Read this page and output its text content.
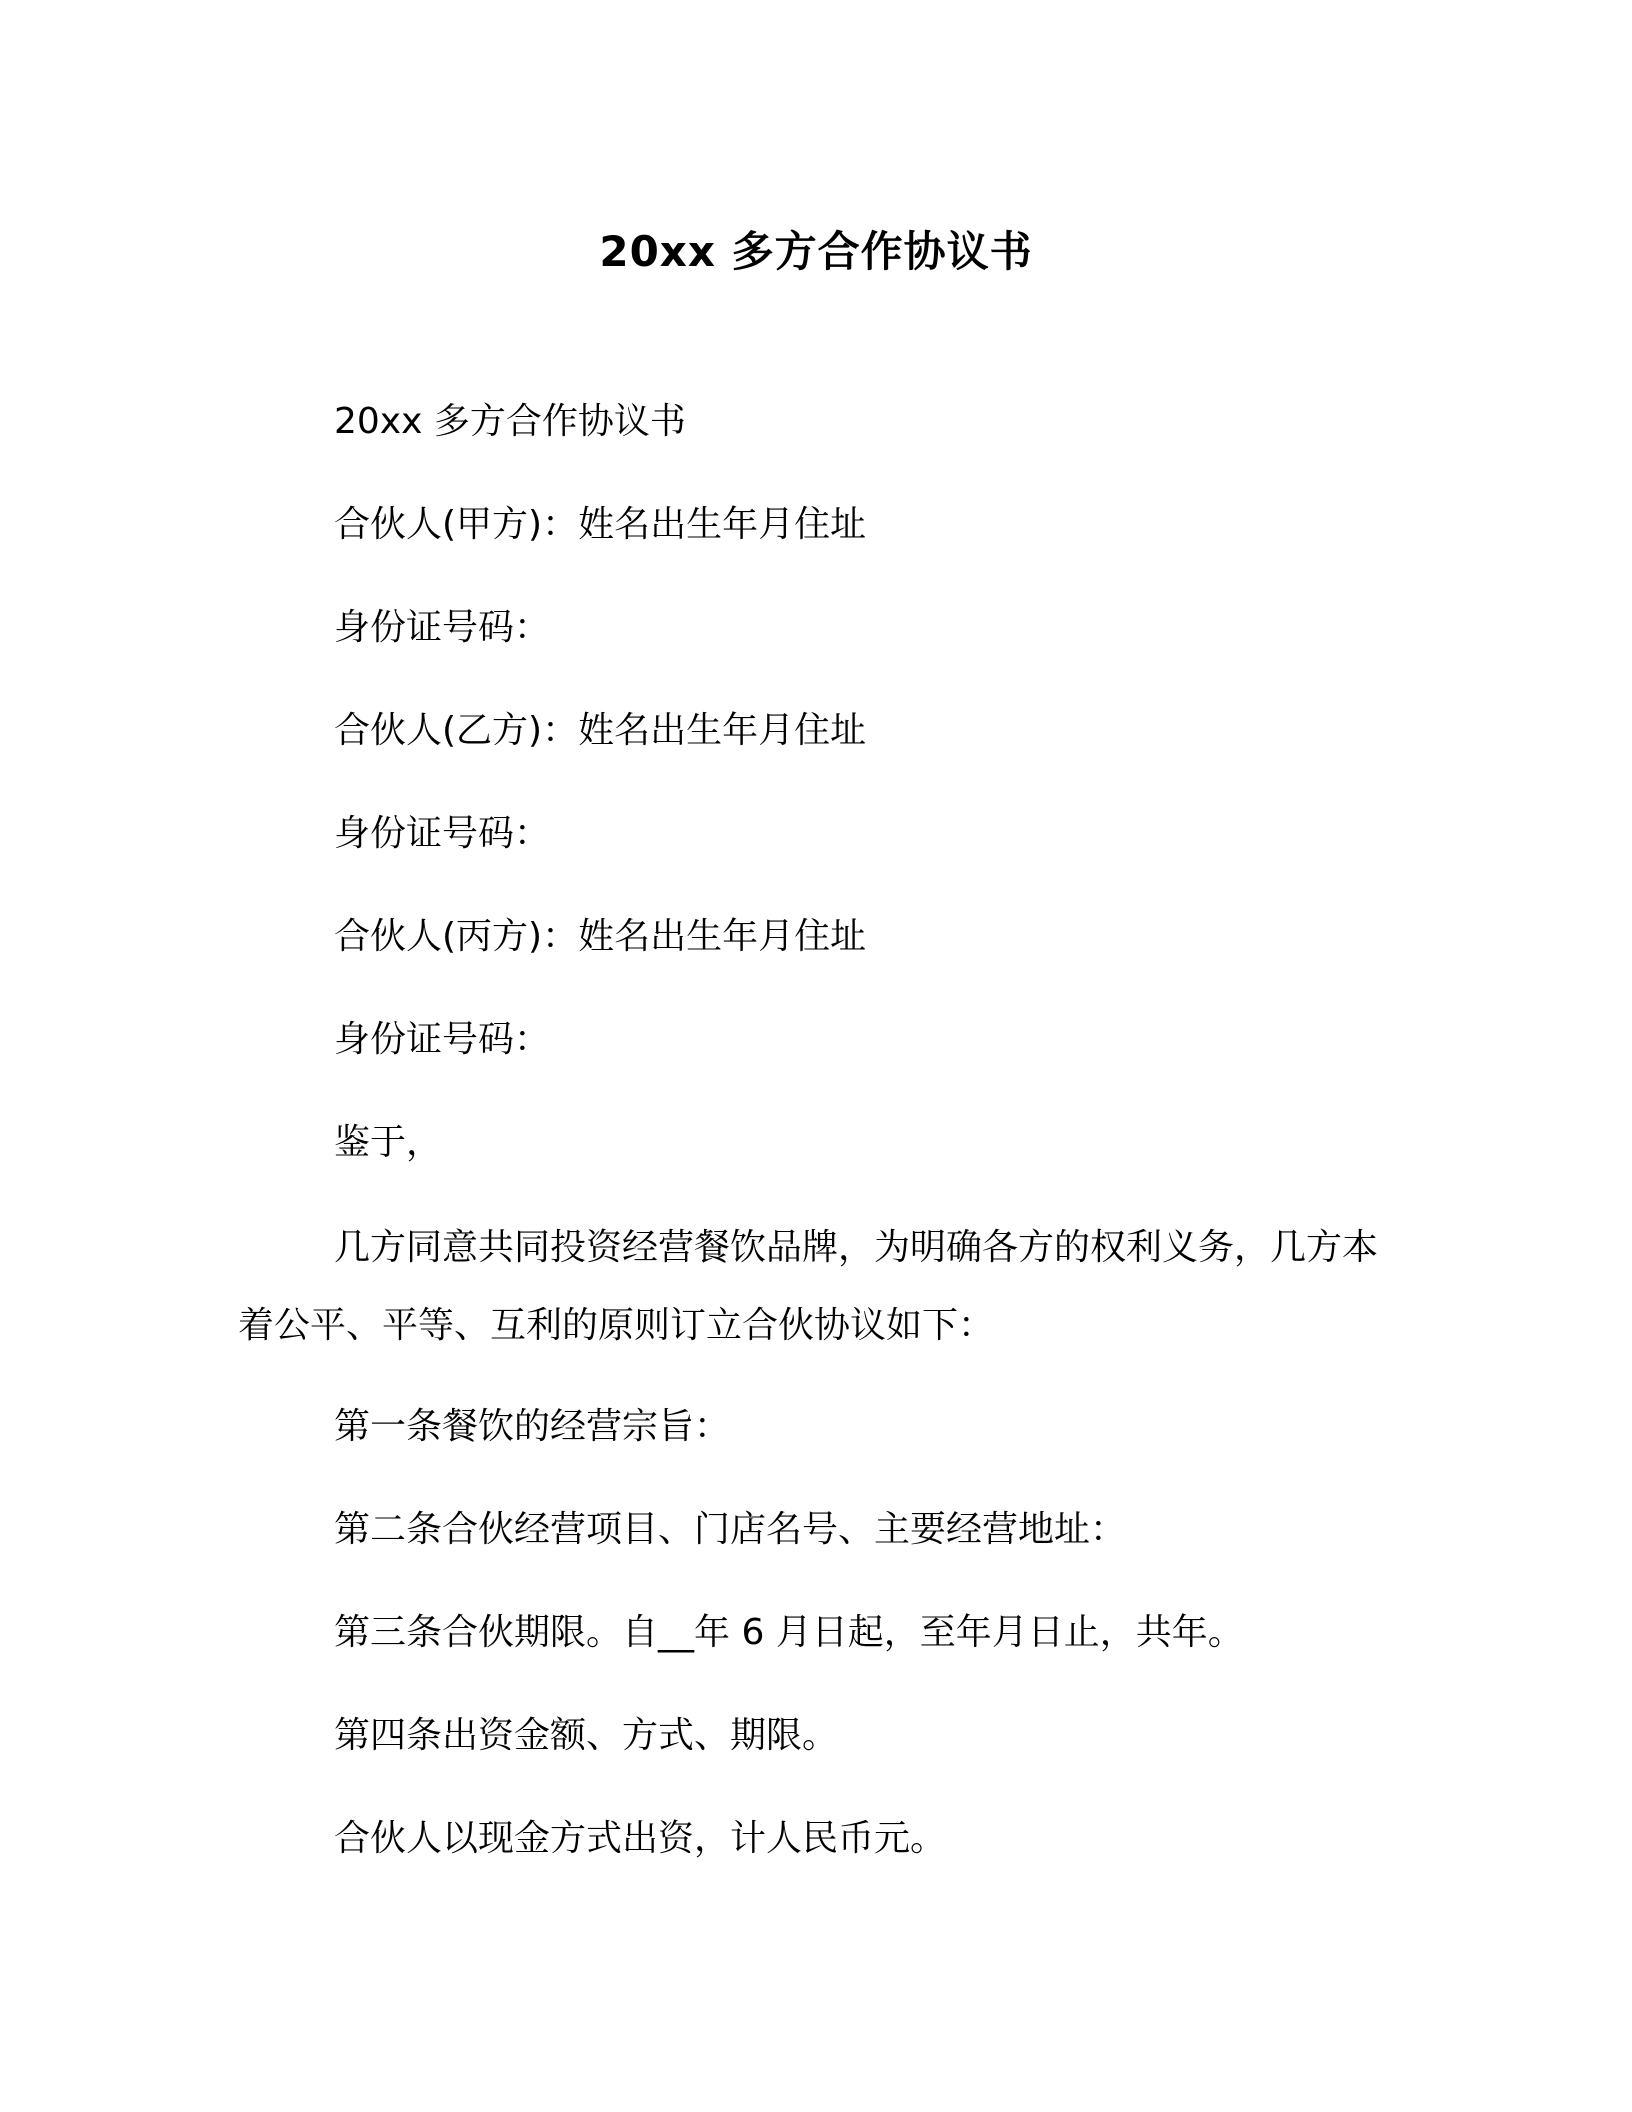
20xx 多方合作协议书
20xx 多方合作协议书
合伙人(甲方)：姓名出生年月住址
身份证号码：
合伙人(乙方)：姓名出生年月住址
身份证号码：
合伙人(丙方)：姓名出生年月住址
身份证号码：
鉴于，
几方同意共同投资经营餐饮品牌，为明确各方的权利义务，几方本着公平、平等、互利的原则订立合伙协议如下：
第一条餐饮的经营宗旨：
第二条合伙经营项目、门店名号、主要经营地址：
第三条合伙期限。自__年 6 月日起，至年月日止，共年。
第四条出资金额、方式、期限。
合伙人以现金方式出资，计人民币元。
